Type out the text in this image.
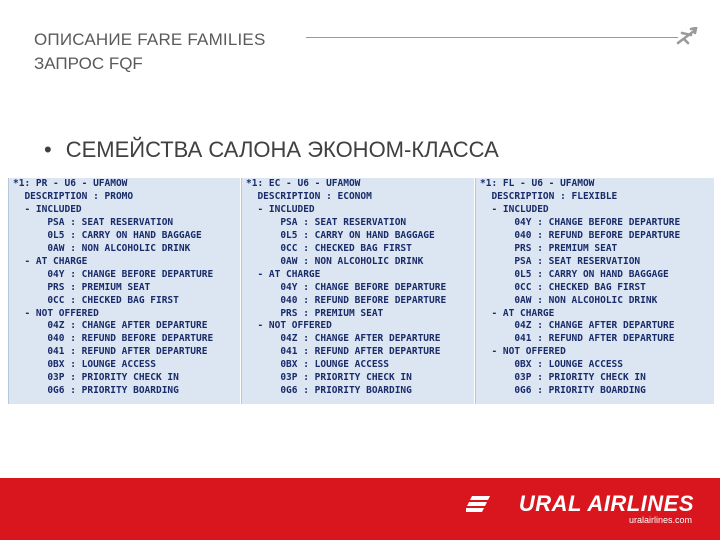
ОПИСАНИЕ FARE FAMILIES
ЗАПРОС FQF
• СЕМЕЙСТВА САЛОНА ЭКОНОМ-КЛАССА
*1: PR - U6 - UFAMOW
DESCRIPTION : PROMO
- INCLUDED
PSA : SEAT RESERVATION
0L5 : CARRY ON HAND BAGGAGE
0AW : NON ALCOHOLIC DRINK
- AT CHARGE
04Y : CHANGE BEFORE DEPARTURE
PRS : PREMIUM SEAT
0CC : CHECKED BAG FIRST
- NOT OFFERED
04Z : CHANGE AFTER DEPARTURE
040 : REFUND BEFORE DEPARTURE
041 : REFUND AFTER DEPARTURE
0BX : LOUNGE ACCESS
03P : PRIORITY CHECK IN
0G6 : PRIORITY BOARDING
*1: EC - U6 - UFAMOW
DESCRIPTION : ECONOM
- INCLUDED
PSA : SEAT RESERVATION
0L5 : CARRY ON HAND BAGGAGE
0CC : CHECKED BAG FIRST
0AW : NON ALCOHOLIC DRINK
- AT CHARGE
04Y : CHANGE BEFORE DEPARTURE
040 : REFUND BEFORE DEPARTURE
PRS : PREMIUM SEAT
- NOT OFFERED
04Z : CHANGE AFTER DEPARTURE
041 : REFUND AFTER DEPARTURE
0BX : LOUNGE ACCESS
03P : PRIORITY CHECK IN
0G6 : PRIORITY BOARDING
*1: FL - U6 - UFAMOW
DESCRIPTION : FLEXIBLE
- INCLUDED
04Y : CHANGE BEFORE DEPARTURE
040 : REFUND BEFORE DEPARTURE
PRS : PREMIUM SEAT
PSA : SEAT RESERVATION
0L5 : CARRY ON HAND BAGGAGE
0CC : CHECKED BAG FIRST
0AW : NON ALCOHOLIC DRINK
- AT CHARGE
04Z : CHANGE AFTER DEPARTURE
041 : REFUND AFTER DEPARTURE
- NOT OFFERED
0BX : LOUNGE ACCESS
03P : PRIORITY CHECK IN
0G6 : PRIORITY BOARDING
URAL AIRLINES
uralairlines.com
